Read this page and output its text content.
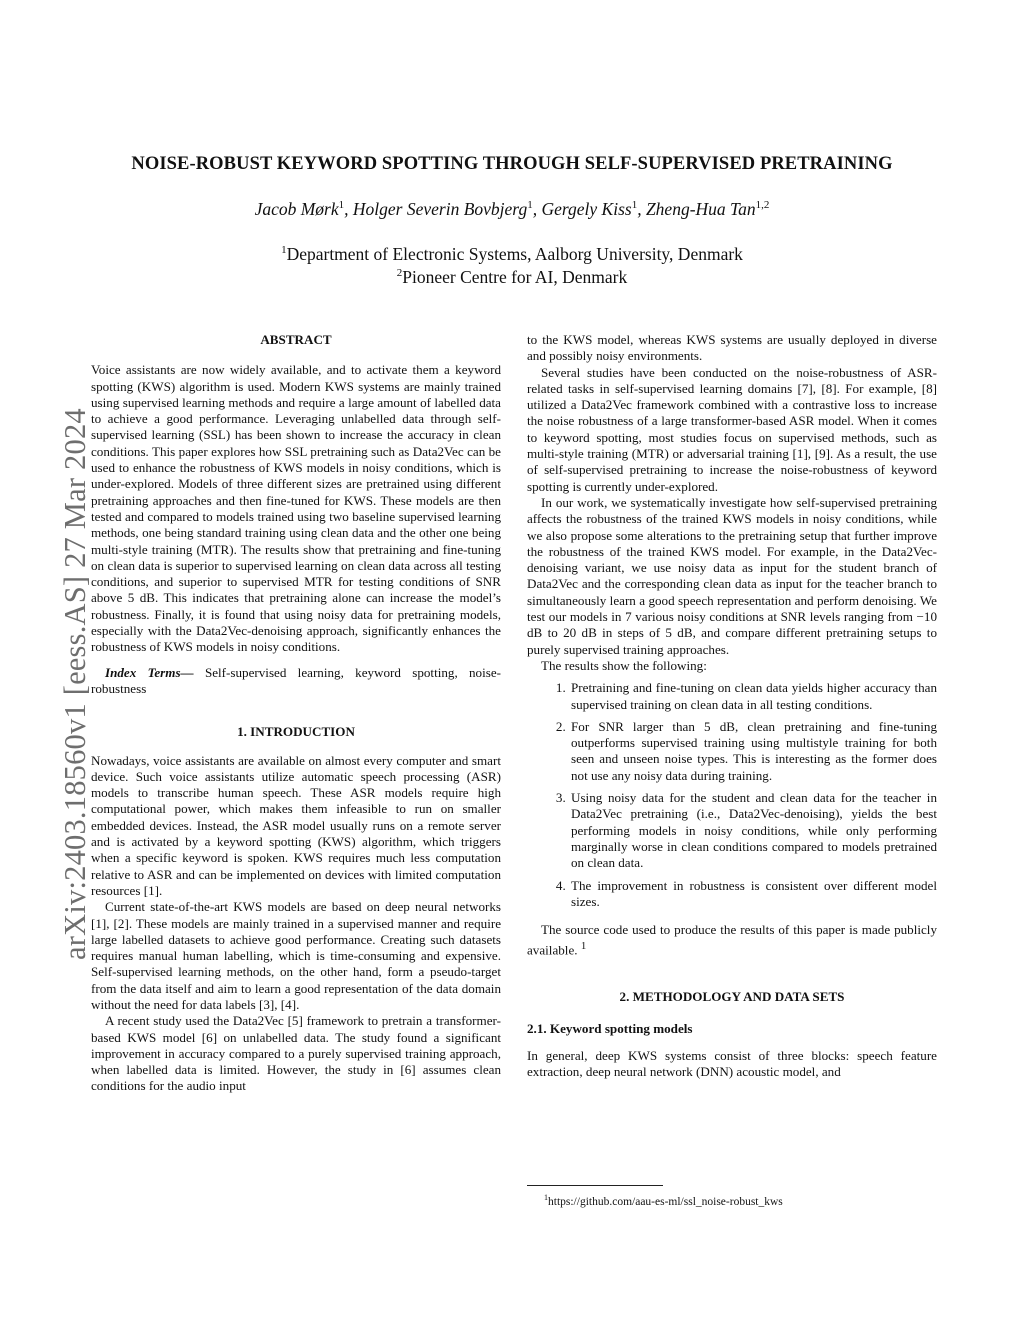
arXiv:2403.18560v1 [eess.AS] 27 Mar 2024
NOISE-ROBUST KEYWORD SPOTTING THROUGH SELF-SUPERVISED PRETRAINING
Jacob Mørk$^1$, Holger Severin Bovbjerg$^1$, Gergely Kiss$^1$, Zheng-Hua Tan$^{1,2}$
$^1$Department of Electronic Systems, Aalborg University, Denmark
$^2$Pioneer Centre for AI, Denmark

ABSTRACT

Voice assistants are now widely available, and to activate them a keyword spotting (KWS) algorithm is used. Modern KWS systems are mainly trained using supervised learning methods and require a large amount of labelled data to achieve a good performance. Leveraging unlabelled data through self-supervised learning (SSL) has been shown to increase the accuracy in clean conditions. This paper explores how SSL pretraining such as Data2Vec can be used to enhance the robustness of KWS models in noisy conditions, which is under-explored. Models of three different sizes are pretrained using different pretraining approaches and then fine-tuned for KWS. These models are then tested and compared to models trained using two baseline supervised learning methods, one being standard training using clean data and the other one being multi-style training (MTR). The results show that pretraining and fine-tuning on clean data is superior to supervised learning on clean data across all testing conditions, and superior to supervised MTR for testing conditions of SNR above 5 dB. This indicates that pretraining alone can increase the model’s robustness. Finally, it is found that using noisy data for pretraining models, especially with the Data2Vec-denoising approach, significantly enhances the robustness of KWS models in noisy conditions.

Index Terms— Self-supervised learning, keyword spotting, noise-robustness

1. INTRODUCTION

Nowadays, voice assistants are available on almost every computer and smart device. Such voice assistants utilize automatic speech processing (ASR) models to transcribe human speech. These ASR models require high computational power, which makes them infeasible to run on smaller embedded devices. Instead, the ASR model usually runs on a remote server and is activated by a keyword spotting (KWS) algorithm, which triggers when a specific keyword is spoken. KWS requires much less computation relative to ASR and can be implemented on devices with limited computation resources [1].

Current state-of-the-art KWS models are based on deep neural networks [1], [2]. These models are mainly trained in a supervised manner and require large labelled datasets to achieve good performance. Creating such datasets requires manual human labelling, which is time-consuming and expensive. Self-supervised learning methods, on the other hand, form a pseudo-target from the data itself and aim to learn a good representation of the data domain without the need for data labels [3], [4].

A recent study used the Data2Vec [5] framework to pretrain a transformer-based KWS model [6] on unlabelled data. The study found a significant improvement in accuracy compared to a purely supervised training approach, when labelled data is limited. However, the study in [6] assumes clean conditions for the audio input

to the KWS model, whereas KWS systems are usually deployed in diverse and possibly noisy environments.

Several studies have been conducted on the noise-robustness of ASR-related tasks in self-supervised learning domains [7], [8]. For example, [8] utilized a Data2Vec framework combined with a contrastive loss to increase the noise robustness of a large transformer-based ASR model. When it comes to keyword spotting, most studies focus on supervised methods, such as multi-style training (MTR) or adversarial training [1], [9]. As a result, the use of self-supervised pretraining to increase the noise-robustness of keyword spotting is currently under-explored.

In our work, we systematically investigate how self-supervised pretraining affects the robustness of the trained KWS models in noisy conditions, while we also propose some alterations to the pretraining setup that further improve the robustness of the trained KWS model. For example, in the Data2Vec-denoising variant, we use noisy data as input for the student branch of Data2Vec and the corresponding clean data as input for the teacher branch to simultaneously learn a good speech representation and perform denoising. We test our models in 7 various noisy conditions at SNR levels ranging from −10 dB to 20 dB in steps of 5 dB, and compare different pretraining setups to purely supervised training approaches.

The results show the following:

1. Pretraining and fine-tuning on clean data yields higher accuracy than supervised training on clean data in all testing conditions.
2. For SNR larger than 5 dB, clean pretraining and fine-tuning outperforms supervised training using multistyle training for both seen and unseen noise types. This is interesting as the former does not use any noisy data during training.
3. Using noisy data for the student and clean data for the teacher in Data2Vec pretraining (i.e., Data2Vec-denoising), yields the best performing models in noisy conditions, while only performing marginally worse in clean conditions compared to models pretrained on clean data.
4. The improvement in robustness is consistent over different model sizes.

The source code used to produce the results of this paper is made publicly available. $^1$

2. METHODOLOGY AND DATA SETS

2.1. Keyword spotting models

In general, deep KWS systems consist of three blocks: speech feature extraction, deep neural network (DNN) acoustic model, and

$^1$https://github.com/aau-es-ml/ssl_noise-robust_kws
